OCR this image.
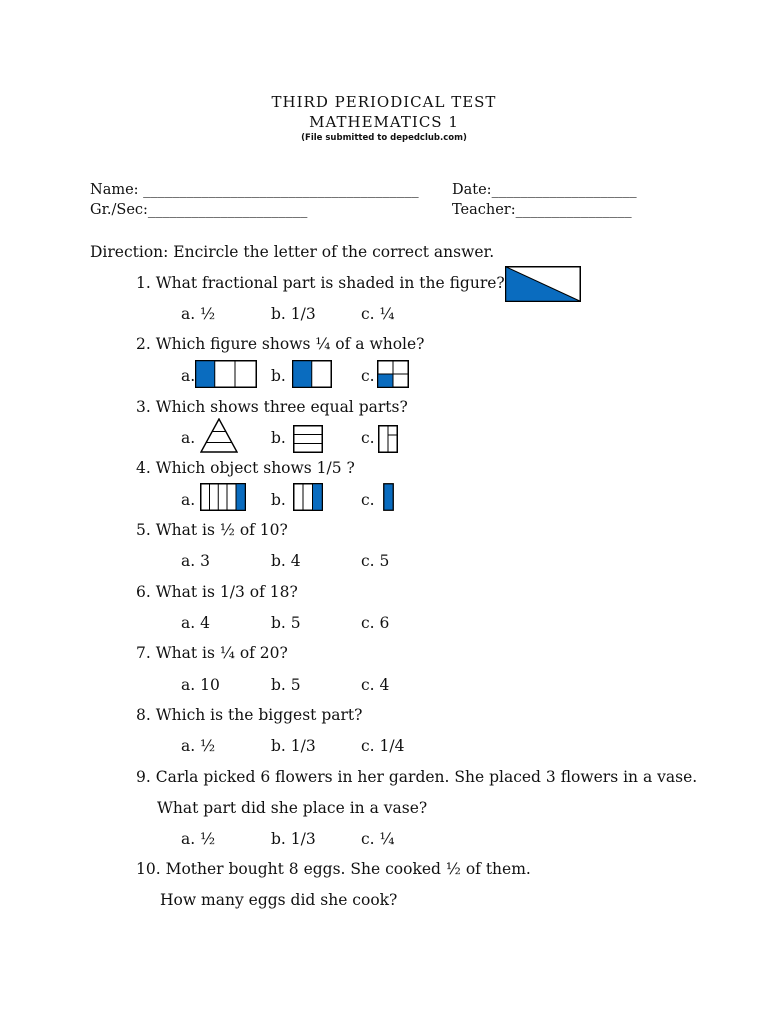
THIRD PERIODICAL TEST
MATHEMATICS 1
(File submitted to depedclub.com)
Name: ______________________________________ Date:____________________
Gr./Sec:______________________	Teacher:________________
Direction: Encircle the letter of the correct answer.
1. What fractional part is shaded in the figure?
a. ½	b. 1/3	c. ¼
2. Which figure shows ¼ of a whole?
a.	b.	c.
3. Which shows three equal parts?
a.	b.	c.
4. Which object shows 1/5 ?
a.	b.	c.
5. What is ½ of 10?
a. 3	b. 4	c. 5
6. What is 1/3 of 18?
a. 4	b. 5	c. 6
7. What is ¼ of 20?
a. 10	b. 5	c. 4
8. Which is the biggest part?
a. ½	b. 1/3	c. 1/4
9. Carla picked 6 flowers in her garden. She placed 3 flowers in a vase.
What part did she place in a vase?
a. ½	b. 1/3	c. ¼
10. Mother bought 8 eggs. She cooked ½ of them.
How many eggs did she cook?
